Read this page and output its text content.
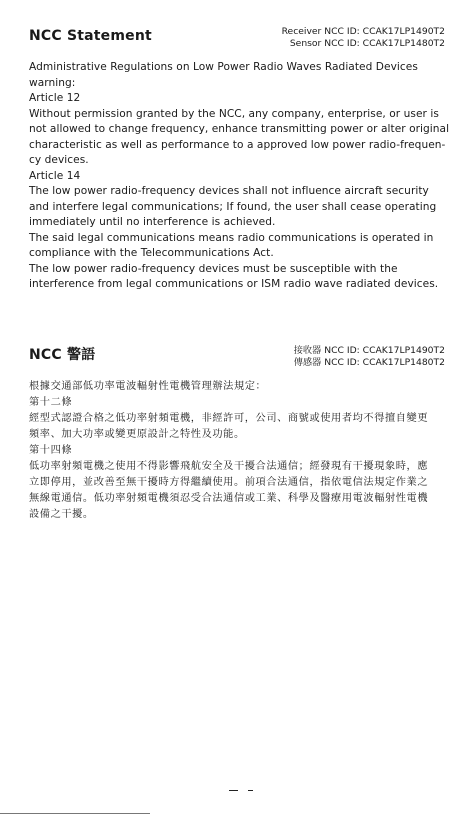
NCC Statement	Receiver NCC ID: CCAK17LP1490T2
Sensor NCC ID: CCAK17LP1480T2
Administrative Regulations on Low Power Radio Waves Radiated Devices
warning:
Article 12
Without permission granted by the NCC, any company, enterprise, or user is
not allowed to change frequency, enhance transmitting power or alter original
characteristic as well as performance to a approved low power radio-frequen-
cy devices.
Article 14
The low power radio-frequency devices shall not influence aircraft security
and interfere legal communications; If found, the user shall cease operating
immediately until no interference is achieved.
The said legal communications means radio communications is operated in
compliance with the Telecommunications Act.
The low power radio-frequency devices must be susceptible with the
interference from legal communications or ISM radio wave radiated devices.
NCC 警語	接收器 NCC ID: CCAK17LP1490T2
傳感器 NCC ID: CCAK17LP1480T2
根據交通部低功率電波輻射性電機管理辦法規定：
第十二條
經型式認證合格之低功率射頻電機，非經許可，公司、商號或使用者均不得擅自變更
頻率、加大功率或變更原設計之特性及功能。
第十四條
低功率射頻電機之使用不得影響飛航安全及干擾合法通信；經發現有干擾現象時，應
立即停用，並改善至無干擾時方得繼續使用。前項合法通信，指依電信法規定作業之
無線電通信。低功率射頻電機須忍受合法通信或工業、科學及醫療用電波輻射性電機
設備之干擾。
